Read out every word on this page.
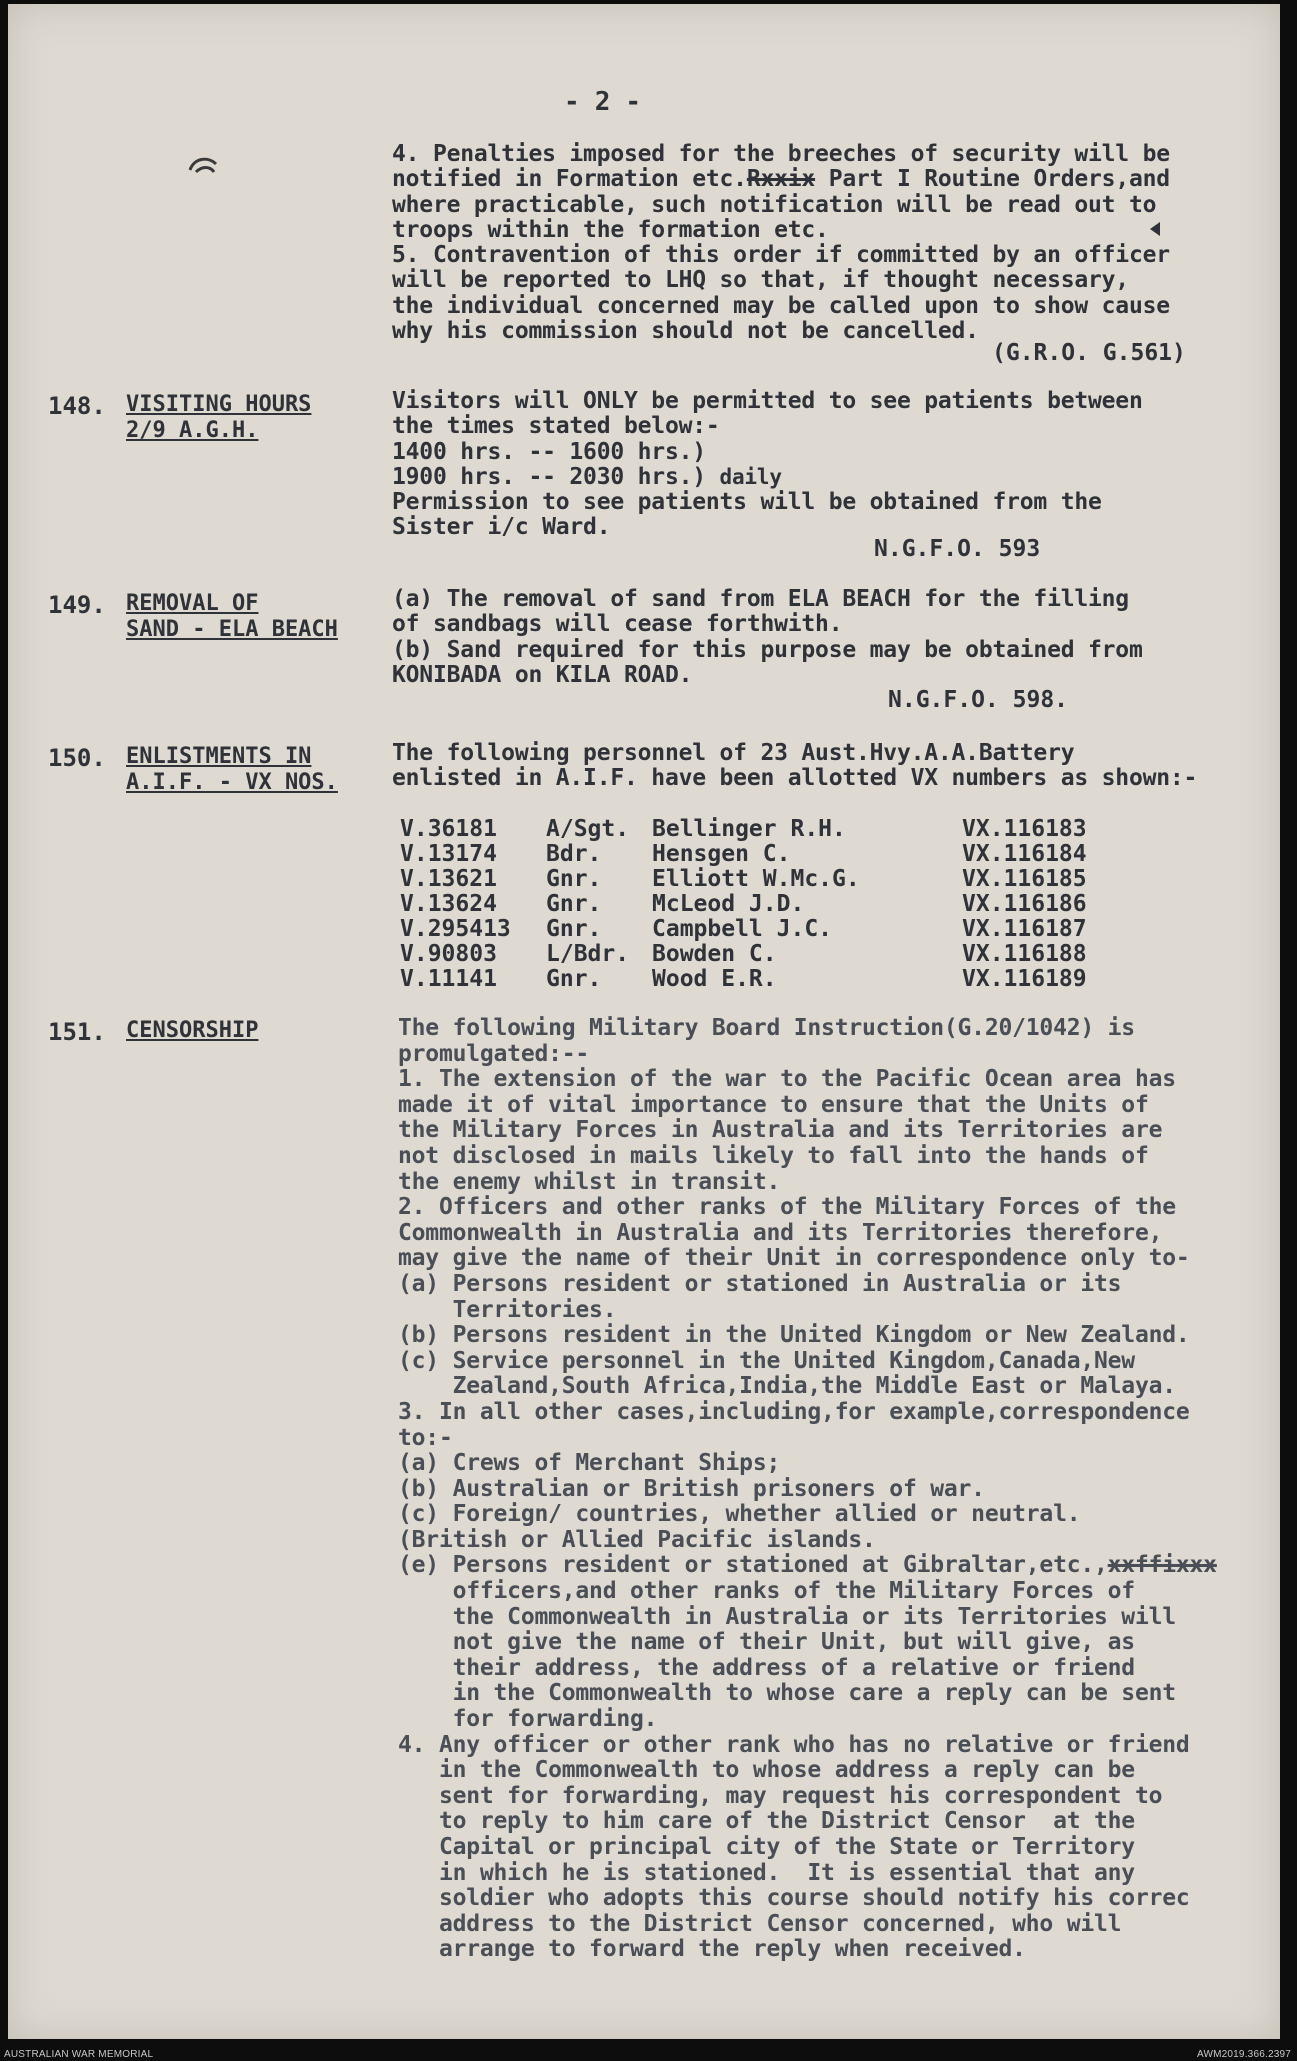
- 2 -
4. Penalties imposed for the breeches of security will be
notified in Formation etc.Rxxix Part I Routine Orders,and
where practicable, such notification will be read out to
troops within the formation etc.
5. Contravention of this order if committed by an officer
will be reported to LHQ so that, if thought necessary,
the individual concerned may be called upon to show cause
why his commission should not be cancelled.
(G.R.O. G.561)
148. VISITING HOURS
2/9 A.G.H.
Visitors will ONLY be permitted to see patients between
the times stated below:-
1400 hrs. -- 1600 hrs.)
1900 hrs. -- 2030 hrs.) daily
Permission to see patients will be obtained from the
Sister i/c Ward.
N.G.F.O. 593
149. REMOVAL OF
SAND - ELA BEACH
(a) The removal of sand from ELA BEACH for the filling
of sandbags will cease forthwith.
(b) Sand required for this purpose may be obtained from
KONIBADA on KILA ROAD.
N.G.F.O. 598.
150. ENLISTMENTS IN
A.I.F. - VX NOS.
The following personnel of 23 Aust.Hvy.A.A.Battery
enlisted in A.I.F. have been allotted VX numbers as shown:-
V.36181	A/Sgt.	Bellinger R.H.	VX.116183
V.13174	Bdr.	Hensgen C.	VX.116184
V.13621	Gnr.	Elliott W.Mc.G.	VX.116185
V.13624	Gnr.	McLeod J.D.	VX.116186
V.295413	Gnr.	Campbell J.C.	VX.116187
V.90803	L/Bdr.	Bowden C.	VX.116188
V.11141	Gnr.	Wood E.R.	VX.116189
151. CENSORSHIP	The following Military Board Instruction(G.20/1042) is
promulgated:--
1. The extension of the war to the Pacific Ocean area has
made it of vital importance to ensure that the Units of
the Military Forces in Australia and its Territories are
not disclosed in mails likely to fall into the hands of
the enemy whilst in transit.
2. Officers and other ranks of the Military Forces of the
Commonwealth in Australia and its Territories therefore,
may give the name of their Unit in correspondence only to-
(a) Persons resident or stationed in Australia or its
Territories.
(b) Persons resident in the United Kingdom or New Zealand.
(c) Service personnel in the United Kingdom,Canada,New
Zealand,South Africa,India,the Middle East or Malaya.
3. In all other cases,including,for example,correspondence
to:-
(a) Crews of Merchant Ships;
(b) Australian or British prisoners of war.
(c) Foreign/ countries, whether allied or neutral.
(British or Allied Pacific islands.
(e) Persons resident or stationed at Gibraltar,etc.,xxffixxx
officers,and other ranks of the Military Forces of
the Commonwealth in Australia or its Territories will
not give the name of their Unit, but will give, as
their address, the address of a relative or friend
in the Commonwealth to whose care a reply can be sent
for forwarding.
4. Any officer or other rank who has no relative or friend
in the Commonwealth to whose address a reply can be
sent for forwarding, may request his correspondent to
to reply to him care of the District Censor  at the
Capital or principal city of the State or Territory
in which he is stationed.  It is essential that any
soldier who adopts this course should notify his correc
address to the District Censor concerned, who will
arrange to forward the reply when received.
AUSTRALIAN WAR MEMORIAL	AWM2019.366.2397
